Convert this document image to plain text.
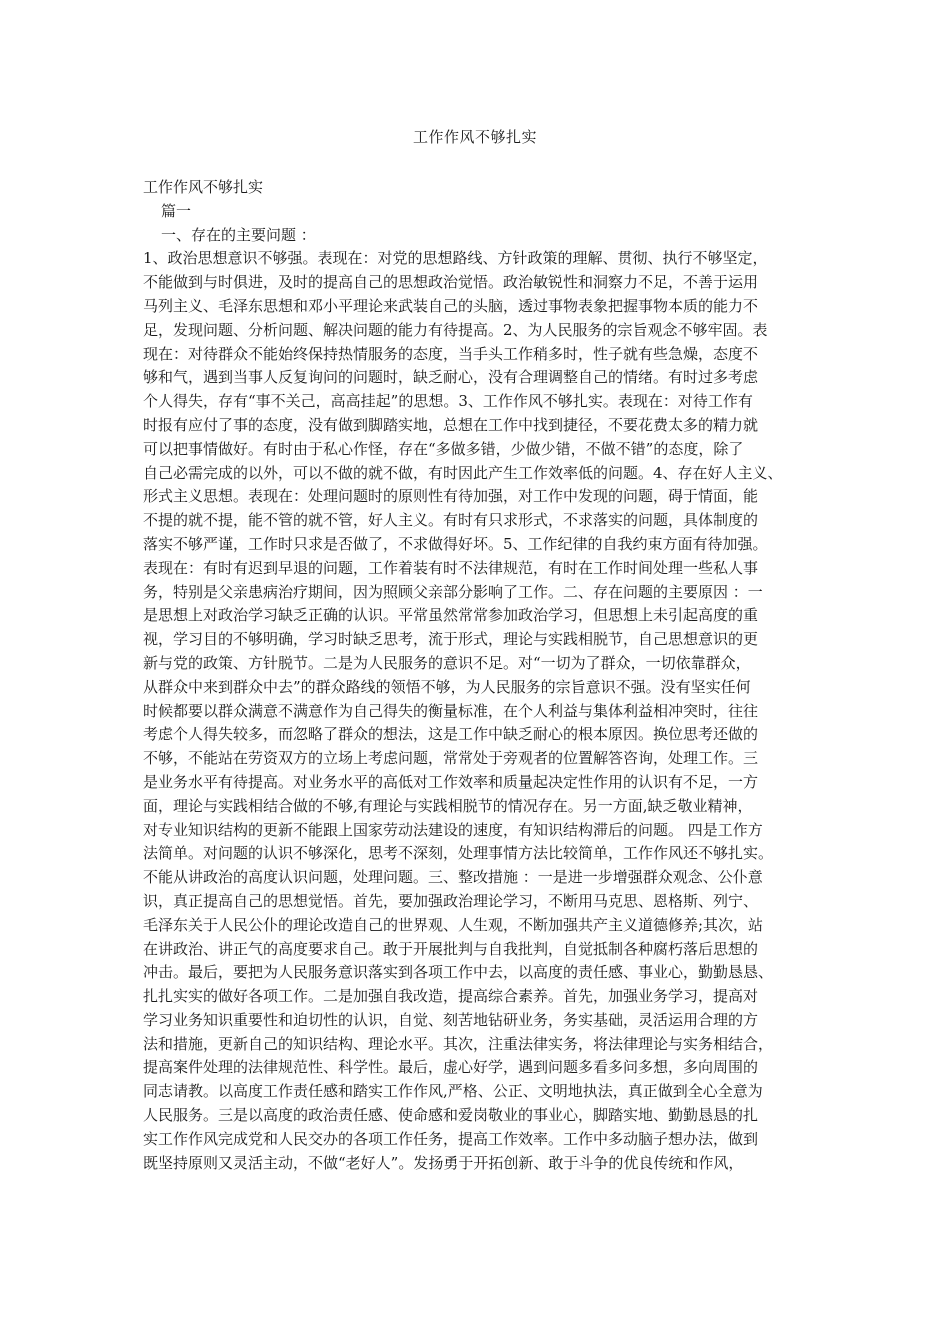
工作作风不够扎实
工作作风不够扎实
篇一
一、存在的主要问题 ：
1、政治思想意识不够强。表现在：对党的思想路线、方针政策的理解、贯彻、执行不够坚定，
不能做到与时俱进，及时的提高自己的思想政治觉悟。政治敏锐性和洞察力不足，不善于运用
马列主义、毛泽东思想和邓小平理论来武装自己的头脑，透过事物表象把握事物本质的能力不
足，发现问题、分析问题、解决问题的能力有待提高。2、为人民服务的宗旨观念不够牢固。表
现在：对待群众不能始终保持热情服务的态度，当手头工作稍多时，性子就有些急燥，态度不
够和气，遇到当事人反复询问的问题时，缺乏耐心，没有合理调整自己的情绪。有时过多考虑
个人得失，存有“事不关己，高高挂起”的思想。3、工作作风不够扎实。表现在：对待工作有
时报有应付了事的态度，没有做到脚踏实地，总想在工作中找到捷径，不要花费太多的精力就
可以把事情做好。有时由于私心作怪，存在“多做多错，少做少错，不做不错”的态度，除了
自己必需完成的以外，可以不做的就不做，有时因此产生工作效率低的问题。4、存在好人主义、
形式主义思想。表现在：处理问题时的原则性有待加强，对工作中发现的问题，碍于情面，能
不提的就不提，能不管的就不管，好人主义。有时有只求形式，不求落实的问题，具体制度的
落实不够严谨，工作时只求是否做了，不求做得好坏。5、工作纪律的自我约束方面有待加强。
表现在：有时有迟到早退的问题，工作着装有时不法律规范，有时在工作时间处理一些私人事
务，特别是父亲患病治疗期间，因为照顾父亲部分影响了工作。二、存在问题的主要原因 ：一
是思想上对政治学习缺乏正确的认识。平常虽然常常参加政治学习，但思想上未引起高度的重
视，学习目的不够明确，学习时缺乏思考，流于形式，理论与实践相脱节，自己思想意识的更
新与党的政策、方针脱节。二是为人民服务的意识不足。对“一切为了群众，一切依靠群众，
从群众中来到群众中去”的群众路线的领悟不够，为人民服务的宗旨意识不强。没有坚实任何
时候都要以群众满意不满意作为自己得失的衡量标准，在个人利益与集体利益相冲突时，往往
考虑个人得失较多，而忽略了群众的想法，这是工作中缺乏耐心的根本原因。换位思考还做的
不够，不能站在劳资双方的立场上考虑问题，常常处于旁观者的位置解答咨询，处理工作。三
是业务水平有待提高。对业务水平的高低对工作效率和质量起决定性作用的认识有不足，一方
面，理论与实践相结合做的不够,有理论与实践相脱节的情况存在。另一方面,缺乏敬业精神，
对专业知识结构的更新不能跟上国家劳动法建设的速度，有知识结构滞后的问题。 四是工作方
法简单。对问题的认识不够深化，思考不深刻，处理事情方法比较简单，工作作风还不够扎实。
不能从讲政治的高度认识问题，处理问题。三、整改措施 ：一是进一步增强群众观念、公仆意
识，真正提高自己的思想觉悟。首先，要加强政治理论学习，不断用马克思、恩格斯、列宁、
毛泽东关于人民公仆的理论改造自己的世界观、人生观，不断加强共产主义道德修养;其次，站
在讲政治、讲正气的高度要求自己。敢于开展批判与自我批判，自觉抵制各种腐朽落后思想的
冲击。最后，要把为人民服务意识落实到各项工作中去，以高度的责任感、事业心，勤勤恳恳、
扎扎实实的做好各项工作。二是加强自我改造，提高综合素养。首先，加强业务学习，提高对
学习业务知识重要性和迫切性的认识，自觉、刻苦地钻研业务，务实基础，灵活运用合理的方
法和措施，更新自己的知识结构、理论水平。其次，注重法律实务，将法律理论与实务相结合，
提高案件处理的法律规范性、科学性。最后，虚心好学，遇到问题多看多问多想，多向周围的
同志请教。以高度工作责任感和踏实工作作风,严格、公正、文明地执法，真正做到全心全意为
人民服务。三是以高度的政治责任感、使命感和爱岗敬业的事业心，脚踏实地、勤勤恳恳的扎
实工作作风完成党和人民交办的各项工作任务，提高工作效率。工作中多动脑子想办法，做到
既坚持原则又灵活主动，不做“老好人”。发扬勇于开拓创新、敢于斗争的优良传统和作风，
